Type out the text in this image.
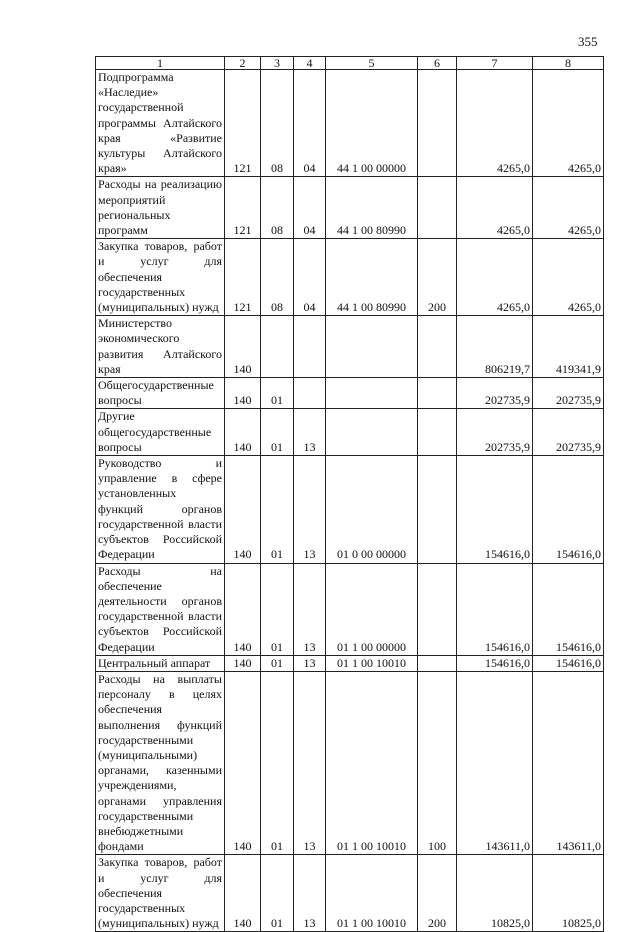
355
1	2	3	4	5	6	7	8
Подпрограмма «Наследие» государственной программы Алтайского края «Развитие культуры Алтайского края»	121	08	04	44 1 00 00000		4265,0	4265,0
Расходы на реализацию мероприятий региональных программ	121	08	04	44 1 00 80990		4265,0	4265,0
Закупка товаров, работ и услуг для обеспечения государственных (муниципальных) нужд	121	08	04	44 1 00 80990	200	4265,0	4265,0
Министерство экономического развития Алтайского края	140					806219,7	419341,9
Общегосударственные вопросы	140	01				202735,9	202735,9
Другие общегосударственные вопросы	140	01	13			202735,9	202735,9
Руководство и управление в сфере установленных функций органов государственной власти субъектов Российской Федерации	140	01	13	01 0 00 00000		154616,0	154616,0
Расходы на обеспечение деятельности органов государственной власти субъектов Российской Федерации	140	01	13	01 1 00 00000		154616,0	154616,0
Центральный аппарат	140	01	13	01 1 00 10010		154616,0	154616,0
Расходы на выплаты персоналу в целях обеспечения выполнения функций государственными (муниципальными) органами, казенными учреждениями, органами управления государственными внебюджетными фондами	140	01	13	01 1 00 10010	100	143611,0	143611,0
Закупка товаров, работ и услуг для обеспечения государственных (муниципальных) нужд	140	01	13	01 1 00 10010	200	10825,0	10825,0
